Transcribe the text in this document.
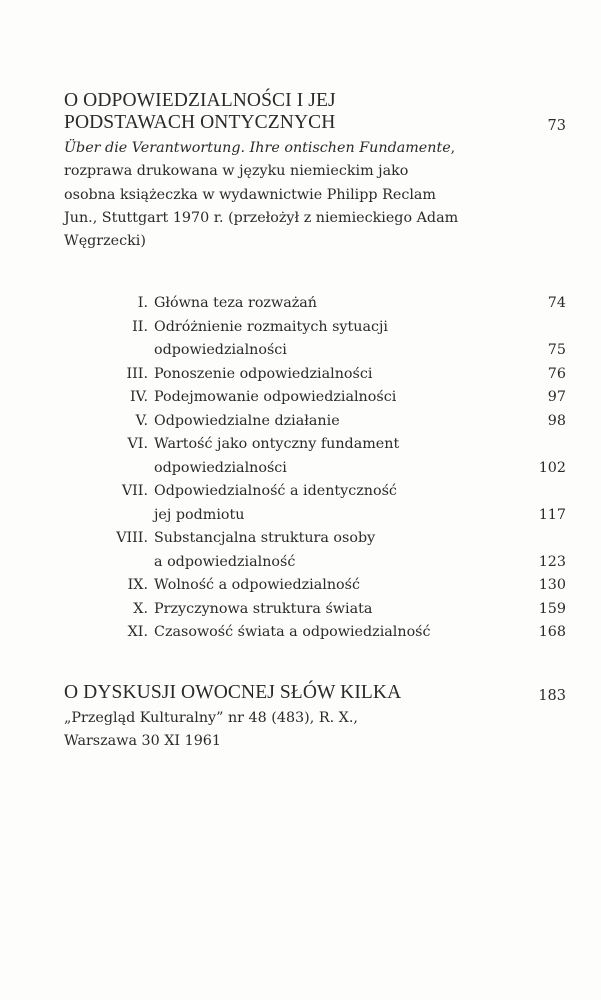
O ODPOWIEDZIALNOŚCI I JEJ
PODSTAWACH ONTYCZNYCH	73
Über die Verantwortung. Ihre ontischen Fundamente, rozprawa drukowana w języku niemieckim jako osobna książeczka w wydawnictwie Philipp Reclam Jun., Stuttgart 1970 r. (przełożył z niemieckiego Adam Węgrzecki)
I. Główna teza rozważań	74
II. Odróżnienie rozmaitych sytuacji
odpowiedzialności	75
III. Ponoszenie odpowiedzialności	76
IV. Podejmowanie odpowiedzialności	97
V. Odpowiedzialne działanie	98
VI. Wartość jako ontyczny fundament
odpowiedzialności	102
VII. Odpowiedzialność a identyczność
jej podmiotu	117
VIII. Substancjalna struktura osoby
a odpowiedzialność	123
IX. Wolność a odpowiedzialność	130
X. Przyczynowa struktura świata	159
XI. Czasowość świata a odpowiedzialność	168
O DYSKUSJI OWOCNEJ SŁÓW KILKA	183
„Przegląd Kulturalny” nr 48 (483), R. X.,
Warszawa 30 XI 1961
